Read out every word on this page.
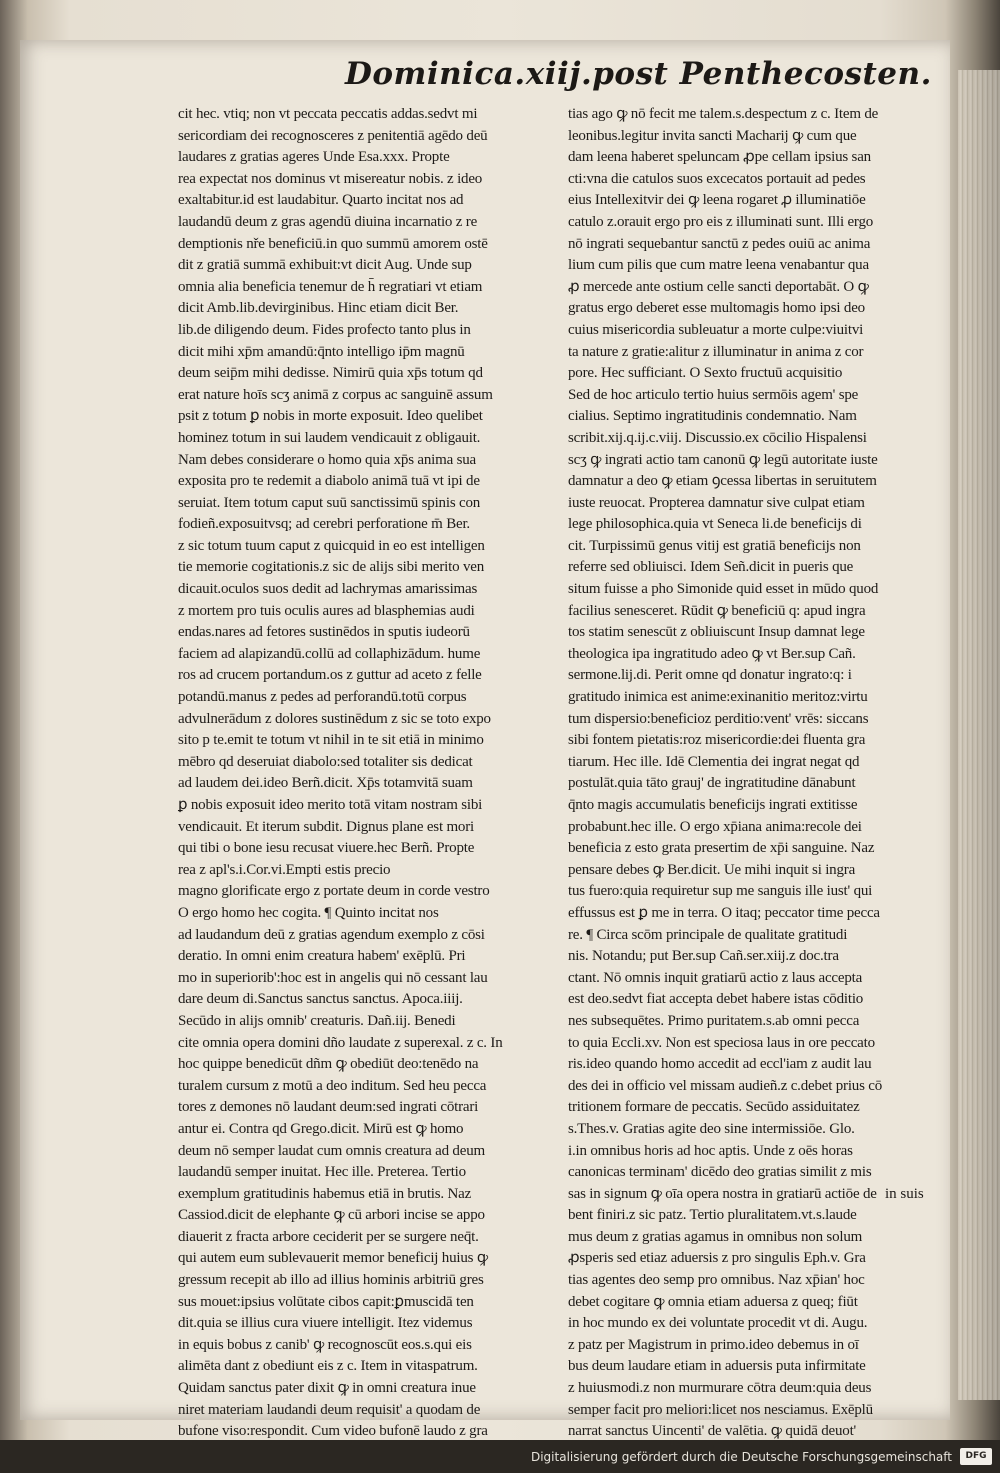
Dominica.xiij.post Penthecosten.
cit hec. vtiq; non vt peccata peccatis addas.sedvt mi
sericordiam dei recognosceres z penitentiā agēdo deū
laudares z gratias ageres Unde Esa.xxx. Propte
rea expectat nos dominus vt misereatur nobis. z ideo
exaltabitur.id est laudabitur. Quarto incitat nos ad
laudandū deum z gras agendū diuina incarnatio z re
demptionis nře beneficiū.in quo summū amorem ostē
dit z gratiā summā exhibuit:vt dicit Aug. Unde sup
omnia alia beneficia tenemur de h̄ regratiari vt etiam
dicit Amb.lib.devirginibus. Hinc etiam dicit Ber.
lib.de diligendo deum. Fides profecto tanto plus in
dicit mihi xp̄m amandū:q̄nto intelligo ip̄m magnū
deum seip̄m mihi dedisse. Nimirū quia xp̄s totum qd
erat nature hoīs scʒ animā z corpus ac sanguinē assum
psit z totum ꝑ nobis in morte exposuit. Ideo quelibet
hominez totum in sui laudem vendicauit z obligauit.
Nam debes considerare o homo quia xp̄s anima sua
exposita pro te redemit a diabolo animā tuā vt ipi de
seruiat. Item totum caput suū sanctissimū spinis con
fodieñ.exposuitvsq; ad cerebri perforatione m̄ Ber.
z sic totum tuum caput z quicquid in eo est intelligen
tie memorie cogitationis.z sic de alijs sibi merito ven
dicauit.oculos suos dedit ad lachrymas amarissimas
z mortem pro tuis oculis aures ad blasphemias audi
endas.nares ad fetores sustinēdos in sputis iudeorū
faciem ad alapizandū.collū ad collaphizādum. hume
ros ad crucem portandum.os z guttur ad aceto z felle
potandū.manus z pedes ad perforandū.totū corpus
advulnerādum z dolores sustinēdum z sic se toto expo
sito p te.emit te totum vt nihil in te sit etiā in minimo
mēbro qd deseruiat diabolo:sed totaliter sis dedicat
ad laudem dei.ideo Berñ.dicit. Xp̄s totamvitā suam
ꝑ nobis exposuit ideo merito totā vitam nostram sibi
vendicauit. Et iterum subdit. Dignus plane est mori
qui tibi o bone iesu recusat viuere.hec Berñ. Propte
rea z apl's.i.Cor.vi.Empti estis precio
magno glorificate ergo z portate deum in corde vestro
O ergo homo hec cogita. ¶ Quinto incitat nos
ad laudandum deū z gratias agendum exemplo z cōsi
deratio. In omni enim creatura habem' exēplū. Pri
mo in superiorib':hoc est in angelis qui nō cessant lau
dare deum di.Sanctus sanctus sanctus. Apoca.iiij.
Secūdo in alijs omnib' creaturis. Dañ.iij. Benedi
cite omnia opera domini dño laudate z superexal. z c. In
hoc quippe benedicūt dñm ꝙ obediūt deo:tenēdo na
turalem cursum z motū a deo inditum. Sed heu pecca
tores z demones nō laudant deum:sed ingrati cōtrari
antur ei. Contra qd Grego.dicit. Mirū est ꝙ homo
deum nō semper laudat cum omnis creatura ad deum
laudandū semper inuitat. Hec ille. Preterea. Tertio
exemplum gratitudinis habemus etiā in brutis. Naz
Cassiod.dicit de elephante ꝙ cū arbori incise se appo
diauerit z fracta arbore ceciderit per se surgere neq̄t.
qui autem eum sublevauerit memor beneficij huius ꝙ
gressum recepit ab illo ad illius hominis arbitriū gres
sus mouet:ipsius volūtate cibos capit:ꝑmuscidā ten
dit.quia se illius cura viuere intelligit. Itez videmus
in equis bobus z canib' ꝙ recognoscūt eos.s.qui eis
alimēta dant z obediunt eis z c. Item in vitaspatrum.
Quidam sanctus pater dixit ꝙ in omni creatura inue
niret materiam laudandi deum requisit' a quodam de
bufone viso:respondit. Cum video bufonē laudo z gra
tias ago ꝙ nō fecit me talem.s.despectum z c. Item de
leonibus.legitur invita sancti Macharij ꝙ cum que
dam leena haberet speluncam ꝓpe cellam ipsius san
cti:vna die catulos suos excecatos portauit ad pedes
eius Intellexitvir dei ꝙ leena rogaret ꝓ illuminatiōe
catulo z.orauit ergo pro eis z illuminati sunt. Illi ergo
nō ingrati sequebantur sanctū z pedes ouiū ac anima
lium cum pilis que cum matre leena venabantur qua
ꝓ mercede ante ostium celle sancti deportabāt. O ꝙ
gratus ergo deberet esse multomagis homo ipsi deo
cuius misericordia subleuatur a morte culpe:viuitvi
ta nature z gratie:alitur z illuminatur in anima z cor
pore. Hec sufficiant. O Sexto fructuū acquisitio
Sed de hoc articulo tertio huius sermōis agem' spe
cialius. Septimo ingratitudinis condemnatio. Nam
scribit.xij.q.ij.c.viij. Discussio.ex cōcilio Hispalensi
scʒ ꝙ ingrati actio tam canonū ꝙ legū autoritate iuste
damnatur a deo ꝙ etiam ꝯcessa libertas in seruitutem
iuste reuocat. Propterea damnatur sive culpat etiam
lege philosophica.quia vt Seneca li.de beneficijs di
cit. Turpissimū genus vitij est gratiā beneficijs non
referre sed obliuisci. Idem Señ.dicit in pueris que
situm fuisse a pho Simonide quid esset in mūdo quod
facilius senesceret. Rūdit ꝙ beneficiū q: apud ingra
tos statim senescūt z obliuiscunt Insup damnat lege
theologica ipa ingratitudo adeo ꝙ vt Ber.sup Cañ.
sermone.lij.di. Perit omne qd donatur ingrato:q: i
gratitudo inimica est anime:exinanitio meritoz:virtu
tum dispersio:beneficioz perditio:vent' vrēs: siccans
sibi fontem pietatis:roz misericordie:dei fluenta gra
tiarum. Hec ille. Idē Clementia dei ingrat negat qd
postulāt.quia tāto grauj' de ingratitudine dānabunt
q̄nto magis accumulatis beneficijs ingrati extitisse
probabunt.hec ille. O ergo xp̄iana anima:recole dei
beneficia z esto grata presertim de xp̄i sanguine. Naz
pensare debes ꝙ Ber.dicit. Ue mihi inquit si ingra
tus fuero:quia requiretur sup me sanguis ille iust' qui
effussus est ꝑ me in terra. O itaq; peccator time pecca
re. ¶ Circa scōm principale de qualitate gratitudi
nis. Notandu; put Ber.sup Cañ.ser.xiij.z doc.tra
ctant. Nō omnis inquit gratiarū actio z laus accepta
est deo.sedvt fiat accepta debet habere istas cōditio
nes subsequētes. Primo puritatem.s.ab omni pecca
to quia Eccli.xv. Non est speciosa laus in ore peccato
ris.ideo quando homo accedit ad eccl'iam z audit lau
des dei in officio vel missam audieñ.z c.debet prius cō
tritionem formare de peccatis. Secūdo assiduitatez
s.Thes.v. Gratias agite deo sine intermissiōe. Glo.
i.in omnibus horis ad hoc aptis. Unde z oēs horas
canonicas terminam' dicēdo deo gratias similit z mis
sas in signum ꝙ oīa opera nostra in gratiarū actiōe de
bent finiri.z sic patz. Tertio pluralitatem.vt.s.laude
mus deum z gratias agamus in omnibus non solum
ꝓsperis sed etiaz aduersis z pro singulis Eph.v. Gra
tias agentes deo semp pro omnibus. Naz xp̄ian' hoc
debet cogitare ꝙ omnia etiam aduersa z queq; fiūt
in hoc mundo ex dei voluntate procedit vt di. Augu.
z patz per Magistrum in primo.ideo debemus in oī
bus deum laudare etiam in aduersis puta infirmitate
z huiusmodi.z non murmurare cōtra deum:quia deus
semper facit pro meliori:licet nos nesciamus. Exēplū
narrat sanctus Uincenti' de valētia. ꝙ quidā deuot'
in suis
Digitalisierung gefördert durch die Deutsche Forschungsgemeinschaft	DFG
